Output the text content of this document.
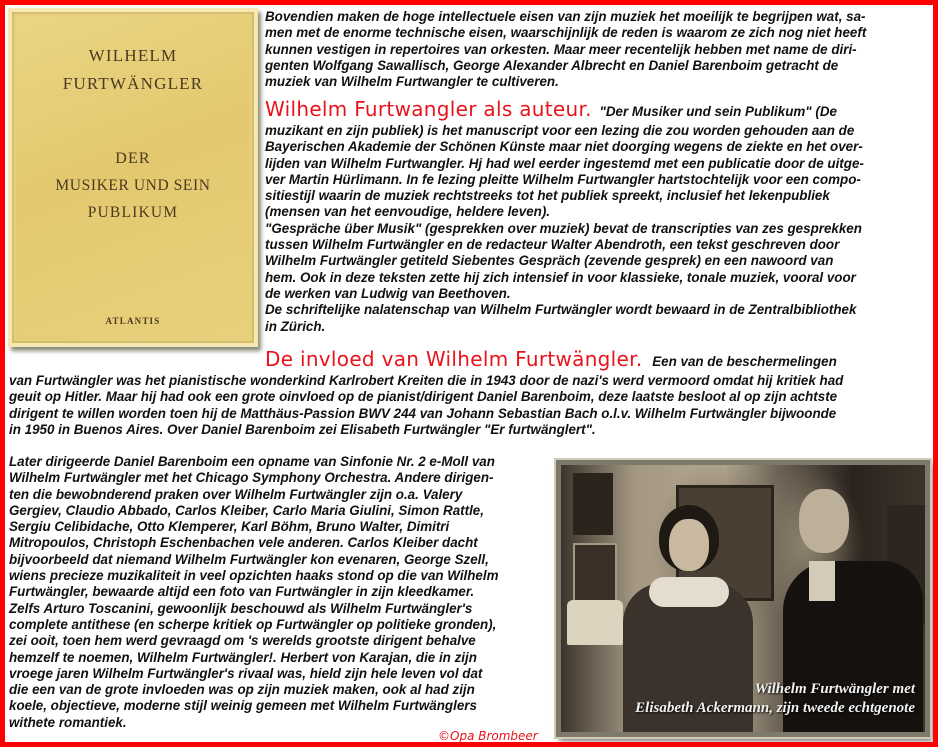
WILHELM
FURTWÄNGLER
DER
MUSIKER UND SEIN
PUBLIKUM
ATLANTIS
Bovendien maken de hoge intellectuele eisen van zijn muziek het moeilijk te begrijpen wat, sa-
men met de enorme technische eisen, waarschijnlijk de reden is waarom ze zich nog niet heeft
kunnen vestigen in repertoires van orkesten. Maar meer recentelijk hebben met name de diri-
genten Wolfgang Sawallisch, George Alexander Albrecht en Daniel Barenboim getracht de
muziek van Wilhelm Furtwangler te cultiveren.
Wilhelm Furtwangler als auteur. "Der Musiker und sein Publikum" (De
muzikant en zijn publiek) is het manuscript voor een lezing die zou worden gehouden aan de
Bayerischen Akademie der Schönen Künste maar niet doorging wegens de ziekte en het over-
lijden van Wilhelm Furtwangler. Hj had wel eerder ingestemd met een publicatie door de uitge-
ver Martin Hürlimann. In fe lezing pleitte Wilhelm Furtwangler hartstochtelijk voor een compo-
sitiestijl waarin de muziek rechtstreeks tot het publiek spreekt, inclusief het lekenpubliek
(mensen van het eenvoudige, heldere leven).
"Gespräche über Musik" (gesprekken over muziek) bevat de transcripties van zes gesprekken
tussen Wilhelm Furtwängler en de redacteur Walter Abendroth, een tekst geschreven door
Wilhelm Furtwängler getiteld Siebentes Gespräch (zevende gesprek) en een nawoord van
hem. Ook in deze teksten zette hij zich intensief in voor klassieke, tonale muziek, vooral voor
de werken van Ludwig van Beethoven.
De schriftelijke nalatenschap van Wilhelm Furtwängler wordt bewaard in de Zentralbibliothek
in Zürich.
De invloed van Wilhelm Furtwängler. Een van de beschermelingen
van Furtwängler was het pianistische wonderkind Karlrobert Kreiten die in 1943 door de nazi's werd vermoord omdat hij kritiek had
geuit op Hitler. Maar hij had ook een grote oinvloed op de pianist/dirigent Daniel Barenboim, deze laatste besloot al op zijn achtste
dirigent te willen worden toen hij de Matthäus-Passion BWV 244 van Johann Sebastian Bach o.l.v. Wilhelm Furtwängler bijwoonde
in 1950 in Buenos Aires. Over Daniel Barenboim zei Elisabeth Furtwängler "Er furtwänglert".
Later dirigeerde Daniel Barenboim een opname van Sinfonie Nr. 2 e-Moll van
Wilhelm Furtwängler met het Chicago Symphony Orchestra. Andere dirigen-
ten die bewobnderend praken over Wilhelm Furtwängler zijn o.a. Valery
Gergiev, Claudio Abbado, Carlos Kleiber, Carlo Maria Giulini, Simon Rattle,
Sergiu Celibidache, Otto Klemperer, Karl Böhm, Bruno Walter, Dimitri
Mitropoulos, Christoph Eschenbachen vele anderen. Carlos Kleiber dacht
bijvoorbeeld dat niemand Wilhelm Furtwängler kon evenaren, George Szell,
wiens precieze muzikaliteit in veel opzichten haaks stond op die van Wilhelm
Furtwängler, bewaarde altijd een foto van Furtwängler in zijn kleedkamer.
Zelfs Arturo Toscanini, gewoonlijk beschouwd als Wilhelm Furtwängler's
complete antithese (en scherpe kritiek op Furtwängler op politieke gronden),
zei ooit, toen hem werd gevraagd om 's werelds grootste dirigent behalve
hemzelf te noemen, Wilhelm Furtwängler!. Herbert von Karajan, die in zijn
vroege jaren Wilhelm Furtwängler's rivaal was, hield zijn hele leven vol dat
die een van de grote invloeden was op zijn muziek maken, ook al had zijn
koele, objectieve, moderne stijl weinig gemeen met Wilhelm Furtwänglers
withete romantiek.
©Opa Brombeer
Wilhelm Furtwängler met
Elisabeth Ackermann, zijn tweede echtgenote
